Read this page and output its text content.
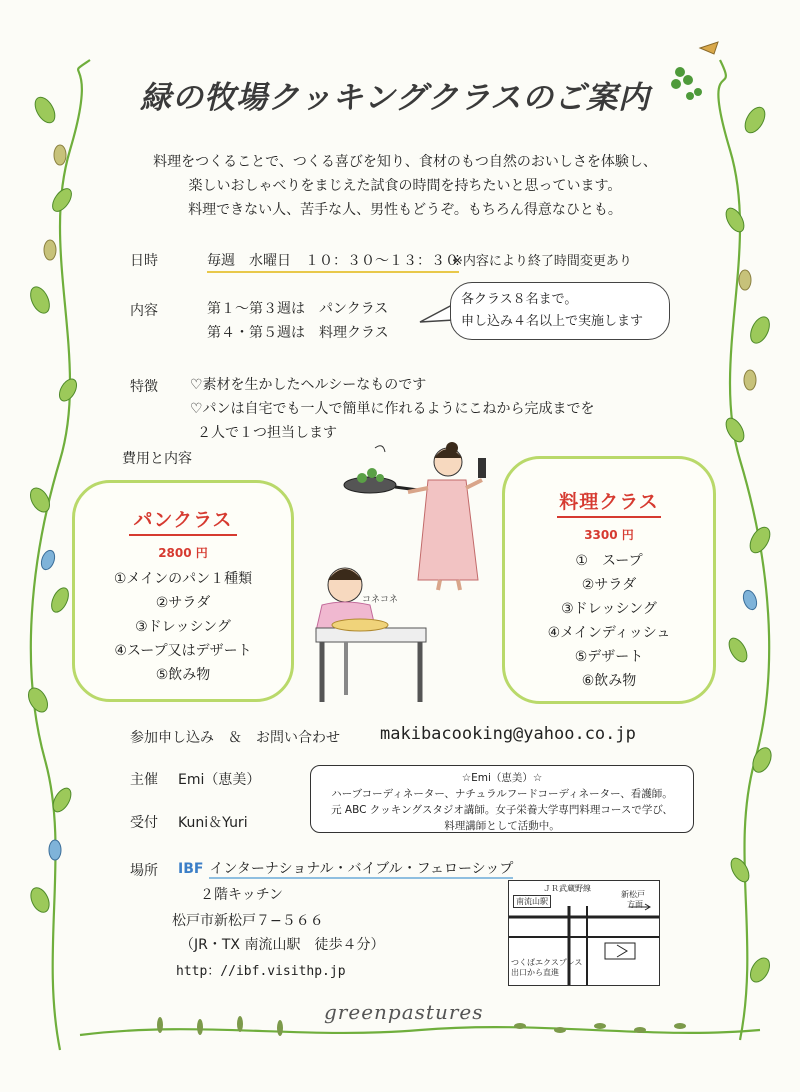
緑の牧場クッキングクラスのご案内
料理をつくることで、つくる喜びを知り、食材のもつ自然のおいしさを体験し、
楽しいおしゃべりをまじえた試食の時間を持ちたいと思っています。
料理できない人、苦手な人、男性もどうぞ。もちろん得意なひとも。
日時	毎週　水曜日　１０：３０〜１３：３０
※内容により終了時間変更あり
内容	第１〜第３週は　パンクラス
第４・第５週は　料理クラス
各クラス８名まで。
申し込み４名以上で実施します
特徴 ♡素材を生かしたヘルシーなものです
♡パンは自宅でも一人で簡単に作れるようにこねから完成までを
２人で１つ担当します
費用と内容
パンクラス
2800 円
①メインのパン１種類
②サラダ
③ドレッシング
④スープ又はデザート
⑤飲み物
料理クラス
3300 円
①　スープ
②サラダ
③ドレッシング
④メインディッシュ
⑤デザート
⑥飲み物
コネコネ
参加申し込み　＆　お問い合わせ makibacooking@yahoo.co.jp
主催 Emi（恵美）
受付 Kuni＆Yuri
☆Emi（恵美）☆
ハーブコーディネーター、ナチュラルフードコーディネーター、看護師。
元 ABC クッキングスタジオ講師。女子栄養大学専門料理コースで学び、
料理講師として活動中。
場所 IBF インターナショナル・バイブル・フェローシップ
２階キッチン
松戸市新松戸７−５６６
（JR・TX 南流山駅　徒歩４分）
http：//ibf.visithp.jp
ＪＲ武蔵野線
南流山駅
新松戸
方面
つくばエクスプレス
出口から直進
greenpastures
